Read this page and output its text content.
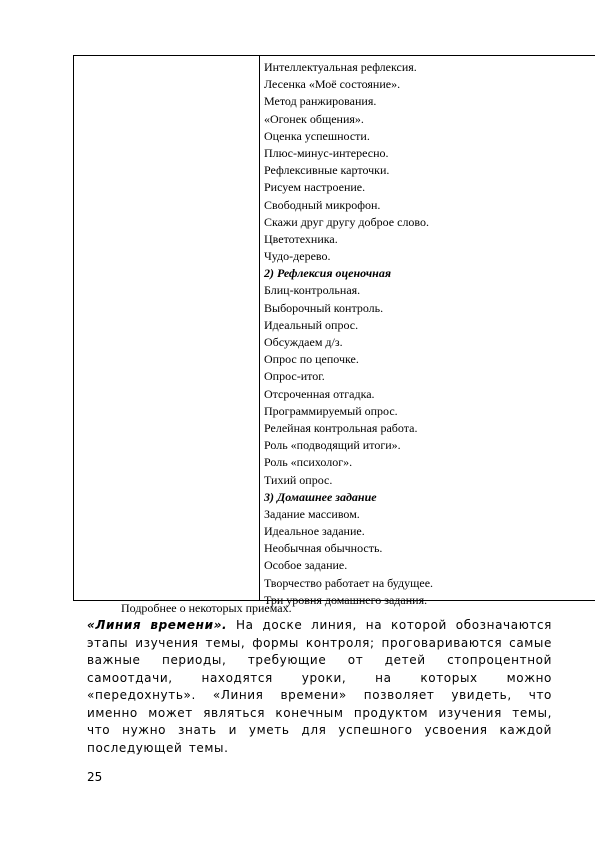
Интеллектуальная рефлексия.
Лесенка «Моё состояние».
Метод ранжирования.
«Огонек общения».
Оценка успешности.
Плюс-минус-интересно.
Рефлексивные карточки.
Рисуем настроение.
Свободный микрофон.
Скажи друг другу доброе слово.
Цветотехника.
Чудо-дерево.
2) Рефлексия оценочная
Блиц-контрольная.
Выборочный контроль.
Идеальный опрос.
Обсуждаем д/з.
Опрос по цепочке.
Опрос-итог.
Отсроченная отгадка.
Программируемый опрос.
Релейная контрольная работа.
Роль «подводящий итоги».
Роль «психолог».
Тихий опрос.
3) Домашнее задание
Задание массивом.
Идеальное задание.
Необычная обычность.
Особое задание.
Творчество работает на будущее.
Три уровня домашнего задания.
Подробнее о некоторых приемах.
«Линия времени». На доске линия, на которой обозначаются этапы изучения темы, формы контроля; проговариваются самые важные периоды, требующие от детей стопроцентной самоотдачи, находятся уроки, на которых можно «передохнуть». «Линия времени» позволяет увидеть, что именно может являться конечным продуктом изучения темы, что нужно знать и уметь для успешного усвоения каждой последующей темы.
25
